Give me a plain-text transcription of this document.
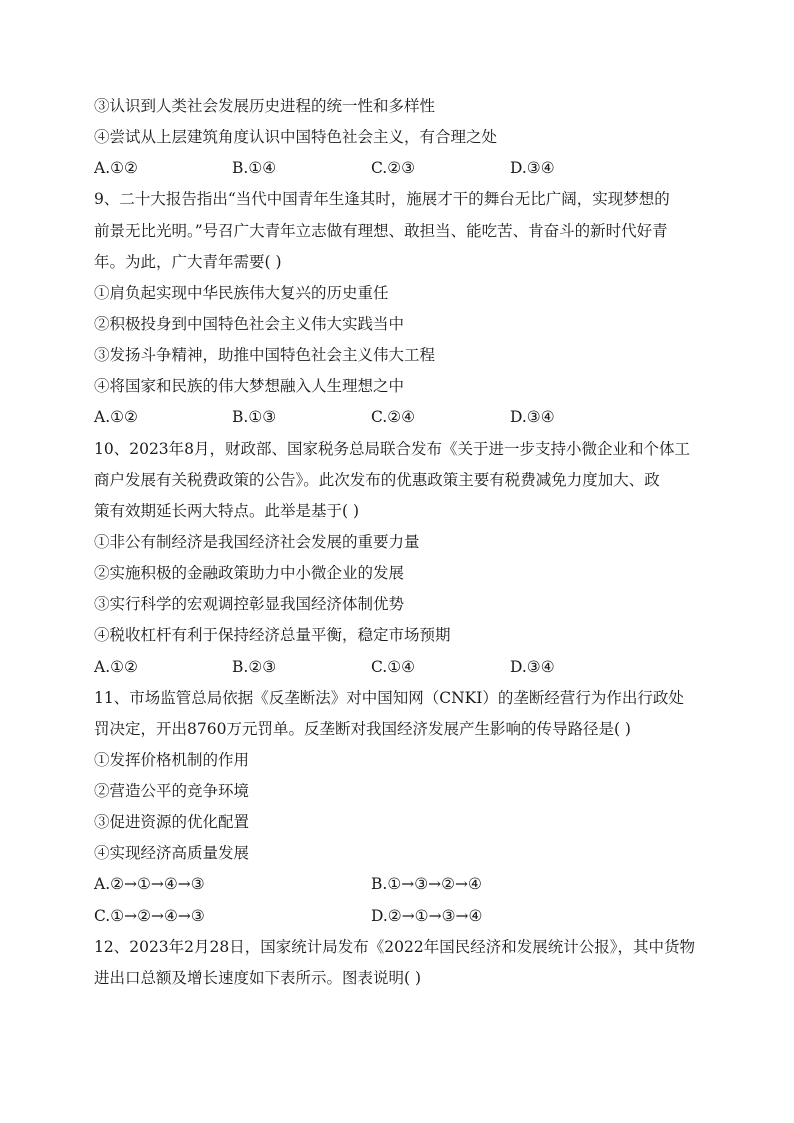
③认识到人类社会发展历史进程的统一性和多样性
④尝试从上层建筑角度认识中国特色社会主义，有合理之处
A.①②	B.①④	C.②③	D.③④
9、二十大报告指出“当代中国青年生逢其时，施展才干的舞台无比广阔，实现梦想的
前景无比光明。”号召广大青年立志做有理想、敢担当、能吃苦、肯奋斗的新时代好青
年。为此，广大青年需要( )
①肩负起实现中华民族伟大复兴的历史重任
②积极投身到中国特色社会主义伟大实践当中
③发扬斗争精神，助推中国特色社会主义伟大工程
④将国家和民族的伟大梦想融入人生理想之中
A.①②	B.①③	C.②④	D.③④
10、2023年8月，财政部、国家税务总局联合发布《关于进一步支持小微企业和个体工
商户发展有关税费政策的公告》。此次发布的优惠政策主要有税费减免力度加大、政
策有效期延长两大特点。此举是基于( )
①非公有制经济是我国经济社会发展的重要力量
②实施积极的金融政策助力中小微企业的发展
③实行科学的宏观调控彰显我国经济体制优势
④税收杠杆有利于保持经济总量平衡，稳定市场预期
A.①②	B.②③	C.①④	D.③④
11、市场监管总局依据《反垄断法》对中国知网（CNKI）的垄断经营行为作出行政处
罚决定，开出8760万元罚单。反垄断对我国经济发展产生影响的传导路径是( )
①发挥价格机制的作用
②营造公平的竞争环境
③促进资源的优化配置
④实现经济高质量发展
A.②→①→④→③	B.①→③→②→④
C.①→②→④→③	D.②→①→③→④
12、2023年2月28日，国家统计局发布《2022年国民经济和发展统计公报》，其中货物
进出口总额及增长速度如下表所示。图表说明( )
